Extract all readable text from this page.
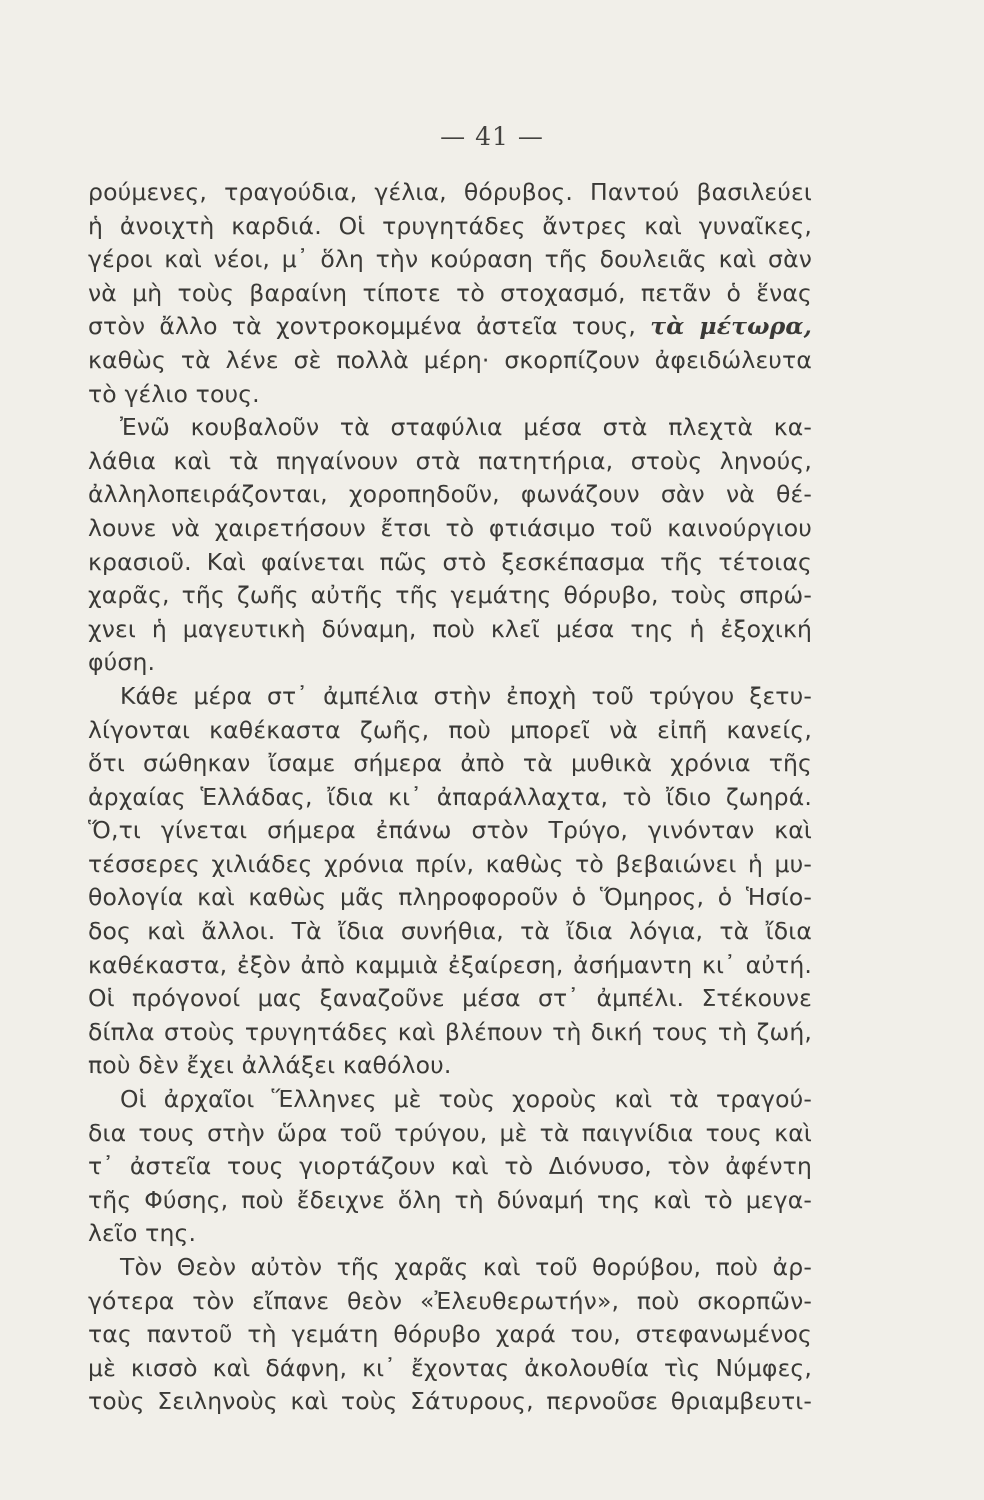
— 41 —
ρούμενες, τραγούδια, γέλια, θόρυβος. Παντού βασιλεύει
ἡ ἀνοιχτὴ καρδιά. Οἱ τρυγητάδες ἄντρες καὶ γυναῖκες,
γέροι καὶ νέοι, μ᾿ ὅλη τὴν κούραση τῆς δουλειᾶς καὶ σὰν
νὰ μὴ τοὺς βαραίνη τίποτε τὸ στοχασμό, πετᾶν ὁ ἕνας
στὸν ἄλλο τὰ χοντροκομμένα ἀστεῖα τους, τὰ μέτωρα,
καθὼς τὰ λένε σὲ πολλὰ μέρη· σκορπίζουν ἀφειδώλευτα
τὸ γέλιο τους.
Ἐνῶ κουβαλοῦν τὰ σταφύλια μέσα στὰ πλεχτὰ κα-
λάθια καὶ τὰ πηγαίνουν στὰ πατητήρια, στοὺς ληνούς,
ἀλληλοπειράζονται, χοροπηδοῦν, φωνάζουν σὰν νὰ θέ-
λουνε νὰ χαιρετήσουν ἔτσι τὸ φτιάσιμο τοῦ καινούργιου
κρασιοῦ. Καὶ φαίνεται πῶς στὸ ξεσκέπασμα τῆς τέτοιας
χαρᾶς, τῆς ζωῆς αὐτῆς τῆς γεμάτης θόρυβο, τοὺς σπρώ-
χνει ἡ μαγευτικὴ δύναμη, ποὺ κλεῖ μέσα της ἡ ἐξοχική
φύση.
Κάθε μέρα στ᾿ ἀμπέλια στὴν ἐποχὴ τοῦ τρύγου ξετυ-
λίγονται καθέκαστα ζωῆς, ποὺ μπορεῖ νὰ εἰπῆ κανείς,
ὅτι σώθηκαν ἴσαμε σήμερα ἀπὸ τὰ μυθικὰ χρόνια τῆς
ἀρχαίας Ἑλλάδας, ἴδια κι᾿ ἀπαράλλαχτα, τὸ ἴδιο ζωηρά.
Ὅ,τι γίνεται σήμερα ἐπάνω στὸν Τρύγο, γινόνταν καὶ
τέσσερες χιλιάδες χρόνια πρίν, καθὼς τὸ βεβαιώνει ἡ μυ-
θολογία καὶ καθὼς μᾶς πληροφοροῦν ὁ Ὅμηρος, ὁ Ἡσίο-
δος καὶ ἄλλοι. Τὰ ἴδια συνήθια, τὰ ἴδια λόγια, τὰ ἴδια
καθέκαστα, ἐξὸν ἀπὸ καμμιὰ ἐξαίρεση, ἀσήμαντη κι᾿ αὐτή.
Οἱ πρόγονοί μας ξαναζοῦνε μέσα στ᾿ ἀμπέλι. Στέκουνε
δίπλα στοὺς τρυγητάδες καὶ βλέπουν τὴ δική τους τὴ ζωή,
ποὺ δὲν ἔχει ἀλλάξει καθόλου.
Οἱ ἀρχαῖοι Ἕλληνες μὲ τοὺς χοροὺς καὶ τὰ τραγού-
δια τους στὴν ὥρα τοῦ τρύγου, μὲ τὰ παιγνίδια τους καὶ
τ᾿ ἀστεῖα τους γιορτάζουν καὶ τὸ Διόνυσο, τὸν ἀφέντη
τῆς Φύσης, ποὺ ἔδειχνε ὅλη τὴ δύναμή της καὶ τὸ μεγα-
λεῖο της.
Τὸν Θεὸν αὐτὸν τῆς χαρᾶς καὶ τοῦ θορύβου, ποὺ ἀρ-
γότερα τὸν εἴπανε θεὸν «Ἐλευθερωτήν», ποὺ σκορπῶν-
τας παντοῦ τὴ γεμάτη θόρυβο χαρά του, στεφανωμένος
μὲ κισσὸ καὶ δάφνη, κι᾿ ἔχοντας ἀκολουθία τὶς Νύμφες,
τοὺς Σειληνοὺς καὶ τοὺς Σάτυρους, περνοῦσε θριαμβευτι-
